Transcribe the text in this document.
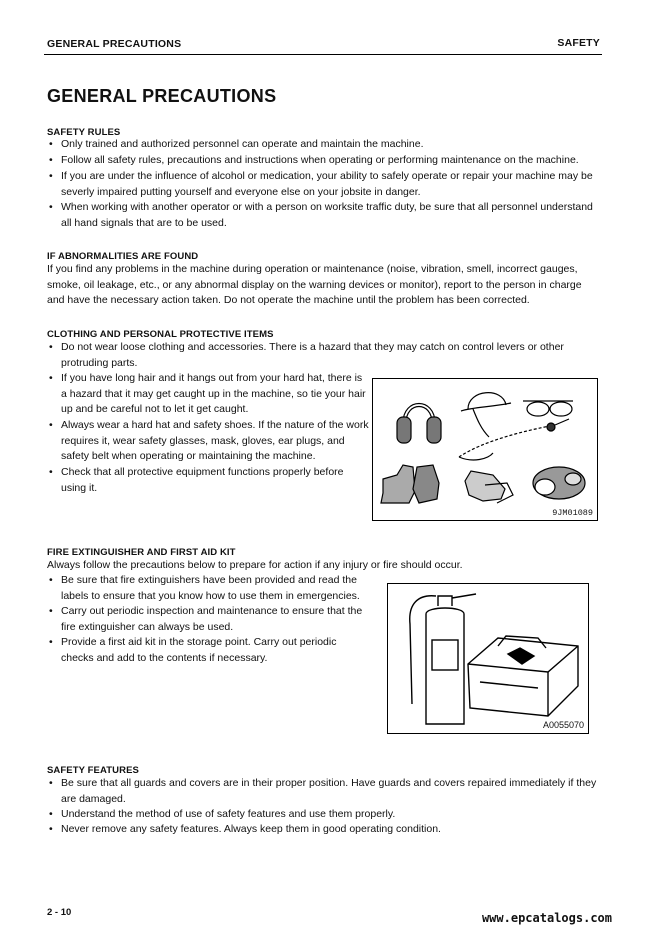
GENERAL PRECAUTIONS	SAFETY
GENERAL PRECAUTIONS
SAFETY RULES
• Only trained and authorized personnel can operate and maintain the machine.
• Follow all safety rules, precautions and instructions when operating or performing maintenance on the machine.
• If you are under the influence of alcohol or medication, your ability to safely operate or repair your machine may be severly impaired putting yourself and everyone else on your jobsite in danger.
• When working with another operator or with a person on worksite traffic duty, be sure that all personnel understand all hand signals that are to be used.
IF ABNORMALITIES ARE FOUND
If you find any problems in the machine during operation or maintenance (noise, vibration, smell, incorrect gauges, smoke, oil leakage, etc., or any abnormal display on the warning devices or monitor), report to the person in charge and have the necessary action taken. Do not operate the machine until the problem has been corrected.
CLOTHING AND PERSONAL PROTECTIVE ITEMS
• Do not wear loose clothing and accessories. There is a hazard that they may catch on control levers or other protruding parts.
• If you have long hair and it hangs out from your hard hat, there is a hazard that it may get caught up in the machine, so tie your hair up and be careful not to let it get caught.
• Always wear a hard hat and safety shoes. If the nature of the work requires it, wear safety glasses, mask, gloves, ear plugs, and safety belt when operating or maintaining the machine.
• Check that all protective equipment functions properly before using it.
9JM01089
FIRE EXTINGUISHER AND FIRST AID KIT
Always follow the precautions below to prepare for action if any injury or fire should occur.
• Be sure that fire extinguishers have been provided and read the labels to ensure that you know how to use them in emergencies.
• Carry out periodic inspection and maintenance to ensure that the fire extinguisher can always be used.
• Provide a first aid kit in the storage point. Carry out periodic checks and add to the contents if necessary.
A0055070
SAFETY FEATURES
• Be sure that all guards and covers are in their proper position. Have guards and covers repaired immediately if they are damaged.
• Understand the method of use of safety features and use them properly.
• Never remove any safety features. Always keep them in good operating condition.
2 - 10	www.epcatalogs.com
